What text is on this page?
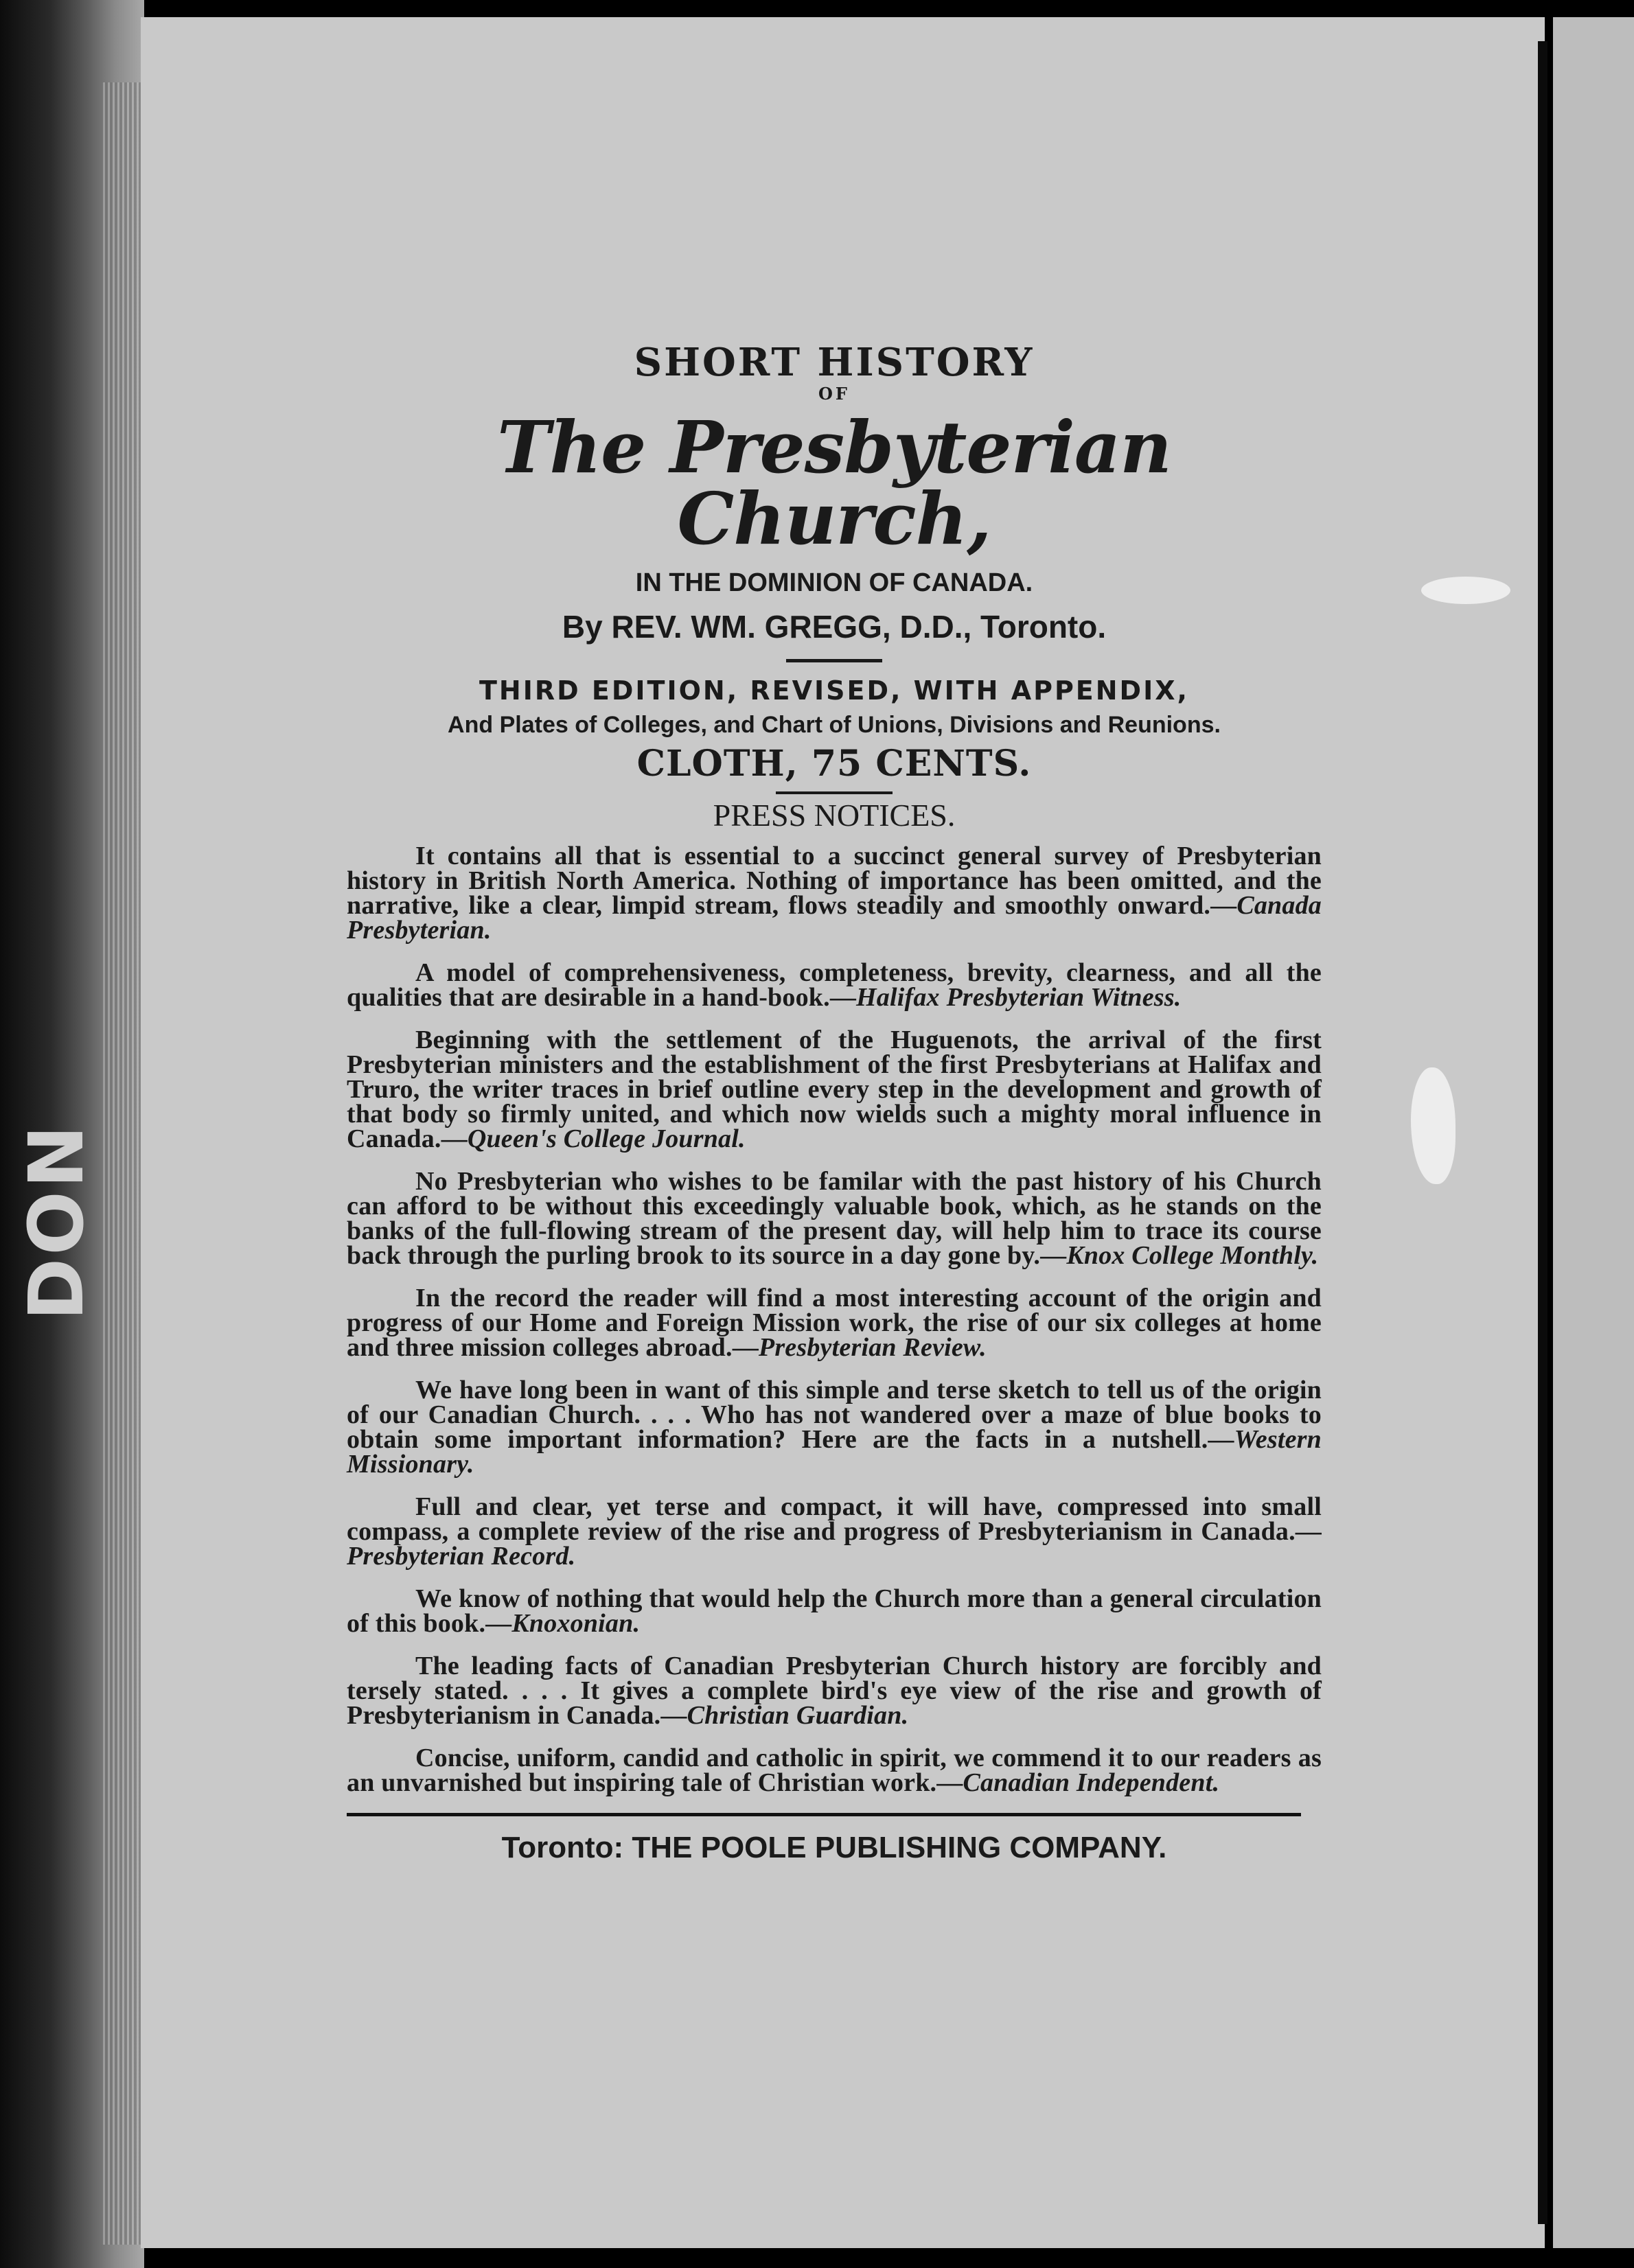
DON

SHORT HISTORY

OF

The Presbyterian Church,

IN THE DOMINION OF CANADA.

By REV. WM. GREGG, D.D., Toronto.

THIRD EDITION, REVISED, WITH APPENDIX,

And Plates of Colleges, and Chart of Unions, Divisions and Reunions.

CLOTH, 75 CENTS.

PRESS NOTICES.

It contains all that is essential to a succinct general survey of Presbyterian history in British North America. Nothing of importance has been omitted, and the narrative, like a clear, limpid stream, flows steadily and smoothly onward.—Canada Presbyterian.

A model of comprehensiveness, completeness, brevity, clearness, and all the qualities that are desirable in a hand-book.—Halifax Presbyterian Witness.

Beginning with the settlement of the Huguenots, the arrival of the first Presbyterian ministers and the establishment of the first Presbyterians at Halifax and Truro, the writer traces in brief outline every step in the development and growth of that body so firmly united, and which now wields such a mighty moral influence in Canada.—Queen's College Journal.

No Presbyterian who wishes to be familar with the past history of his Church can afford to be without this exceedingly valuable book, which, as he stands on the banks of the full-flowing stream of the present day, will help him to trace its course back through the purling brook to its source in a day gone by.—Knox College Monthly.

In the record the reader will find a most interesting account of the origin and progress of our Home and Foreign Mission work, the rise of our six colleges at home and three mission colleges abroad.—Presbyterian Review.

We have long been in want of this simple and terse sketch to tell us of the origin of our Canadian Church. . . . Who has not wandered over a maze of blue books to obtain some important information? Here are the facts in a nutshell.—Western Missionary.

Full and clear, yet terse and compact, it will have, compressed into small compass, a complete review of the rise and progress of Presbyterianism in Canada.—Presbyterian Record.

We know of nothing that would help the Church more than a general circulation of this book.—Knoxonian.

The leading facts of Canadian Presbyterian Church history are forcibly and tersely stated. . . . It gives a complete bird's eye view of the rise and growth of Presbyterianism in Canada.—Christian Guardian.

Concise, uniform, candid and catholic in spirit, we commend it to our readers as an unvarnished but inspiring tale of Christian work.—Canadian Independent.

Toronto: THE POOLE PUBLISHING COMPANY.
